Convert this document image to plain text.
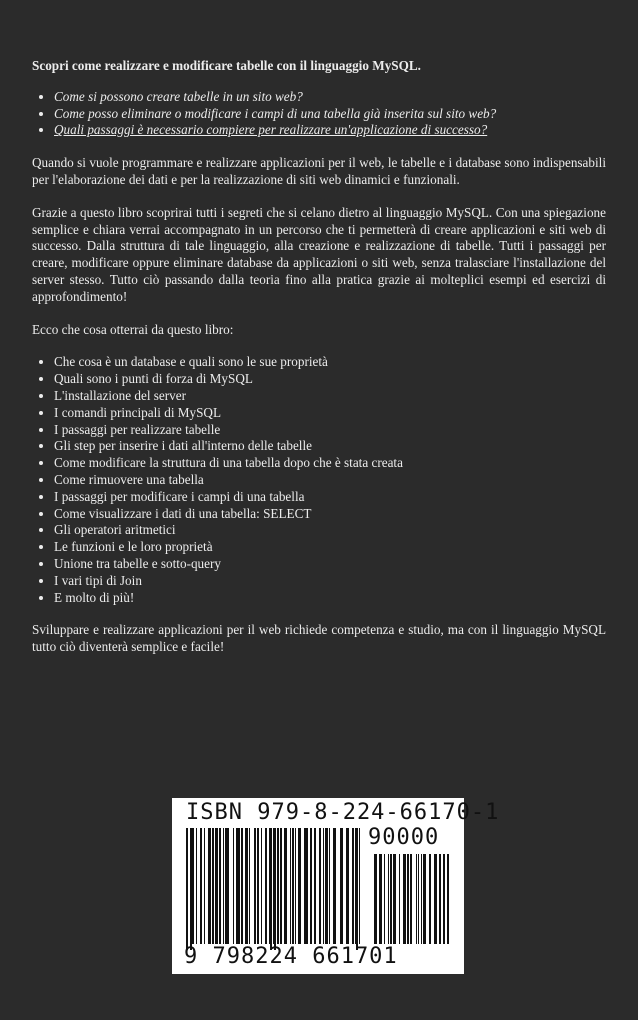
Scopri come realizzare e modificare tabelle con il linguaggio MySQL.
• Come si possono creare tabelle in un sito web?
• Come posso eliminare o modificare i campi di una tabella già inserita sul sito web?
• Quali passaggi è necessario compiere per realizzare un'applicazione di successo?

Quando si vuole programmare e realizzare applicazioni per il web, le tabelle e i database sono indispensabili per l'elaborazione dei dati e per la realizzazione di siti web dinamici e funzionali.

Grazie a questo libro scoprirai tutti i segreti che si celano dietro al linguaggio MySQL. Con una spiegazione semplice e chiara verrai accompagnato in un percorso che ti permetterà di creare applicazioni e siti web di successo. Dalla struttura di tale linguaggio, alla creazione e realizzazione di tabelle. Tutti i passaggi per creare, modificare oppure eliminare database da applicazioni o siti web, senza tralasciare l'installazione del server stesso. Tutto ciò passando dalla teoria fino alla pratica grazie ai molteplici esempi ed esercizi di approfondimento!

Ecco che cosa otterrai da questo libro:

• Che cosa è un database e quali sono le sue proprietà
• Quali sono i punti di forza di MySQL
• L'installazione del server
• I comandi principali di MySQL
• I passaggi per realizzare tabelle
• Gli step per inserire i dati all'interno delle tabelle
• Come modificare la struttura di una tabella dopo che è stata creata
• Come rimuovere una tabella
• I passaggi per modificare i campi di una tabella
• Come visualizzare i dati di una tabella: SELECT
• Gli operatori aritmetici
• Le funzioni e le loro proprietà
• Unione tra tabelle e sotto-query
• I vari tipi di Join
• E molto di più!

Sviluppare e realizzare applicazioni per il web richiede competenza e studio, ma con il linguaggio MySQL tutto ciò diventerà semplice e facile!

ISBN 979-8-224-66170-1
90000
9 798224 661701
